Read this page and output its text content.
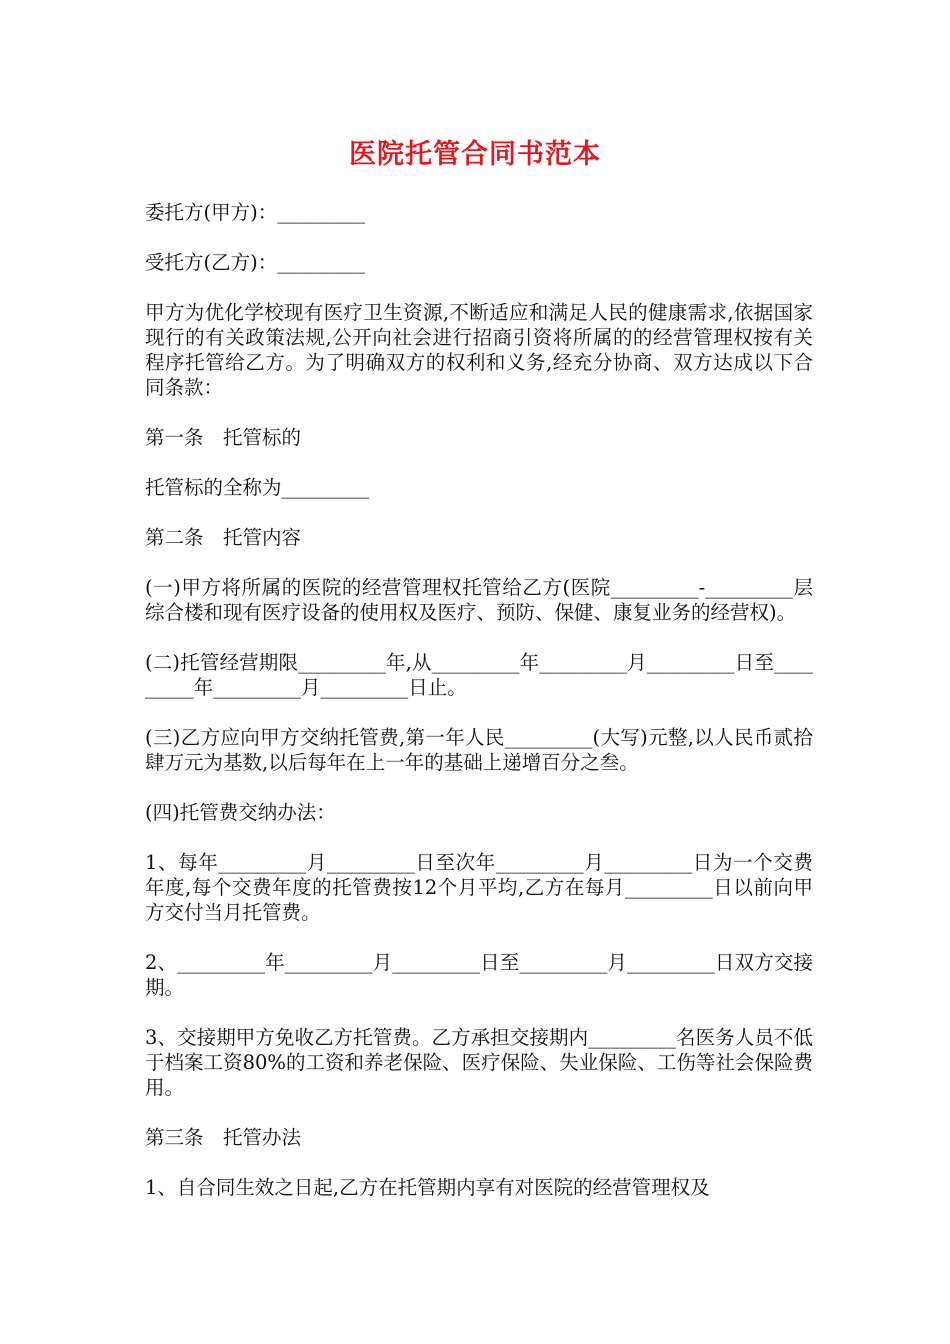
医院托管合同书范本

委托方(甲方)：_________

受托方(乙方)：_________

甲方为优化学校现有医疗卫生资源,不断适应和满足人民的健康需求,依据国家现行的有关政策法规,公开向社会进行招商引资将所属的的经营管理权按有关程序托管给乙方。为了明确双方的权利和义务,经充分协商、双方达成以下合同条款：

第一条　托管标的

托管标的全称为_________

第二条　托管内容

(一)甲方将所属的医院的经营管理权托管给乙方(医院_________-_________层综合楼和现有医疗设备的使用权及医疗、预防、保健、康复业务的经营权)。

(二)托管经营期限_________年,从_________年_________月_________日至_________年_________月_________日止。

(三)乙方应向甲方交纳托管费,第一年人民_________(大写)元整,以人民币贰拾肆万元为基数,以后每年在上一年的基础上递增百分之叁。

(四)托管费交纳办法：

1、每年_________月_________日至次年_________月_________日为一个交费年度,每个交费年度的托管费按12个月平均,乙方在每月_________日以前向甲方交付当月托管费。

2、_________年_________月_________日至_________月_________日双方交接期。

3、交接期甲方免收乙方托管费。乙方承担交接期内_________名医务人员不低于档案工资80%的工资和养老保险、医疗保险、失业保险、工伤等社会保险费用。

第三条　托管办法

1、自合同生效之日起,乙方在托管期内享有对医院的经营管理权及
